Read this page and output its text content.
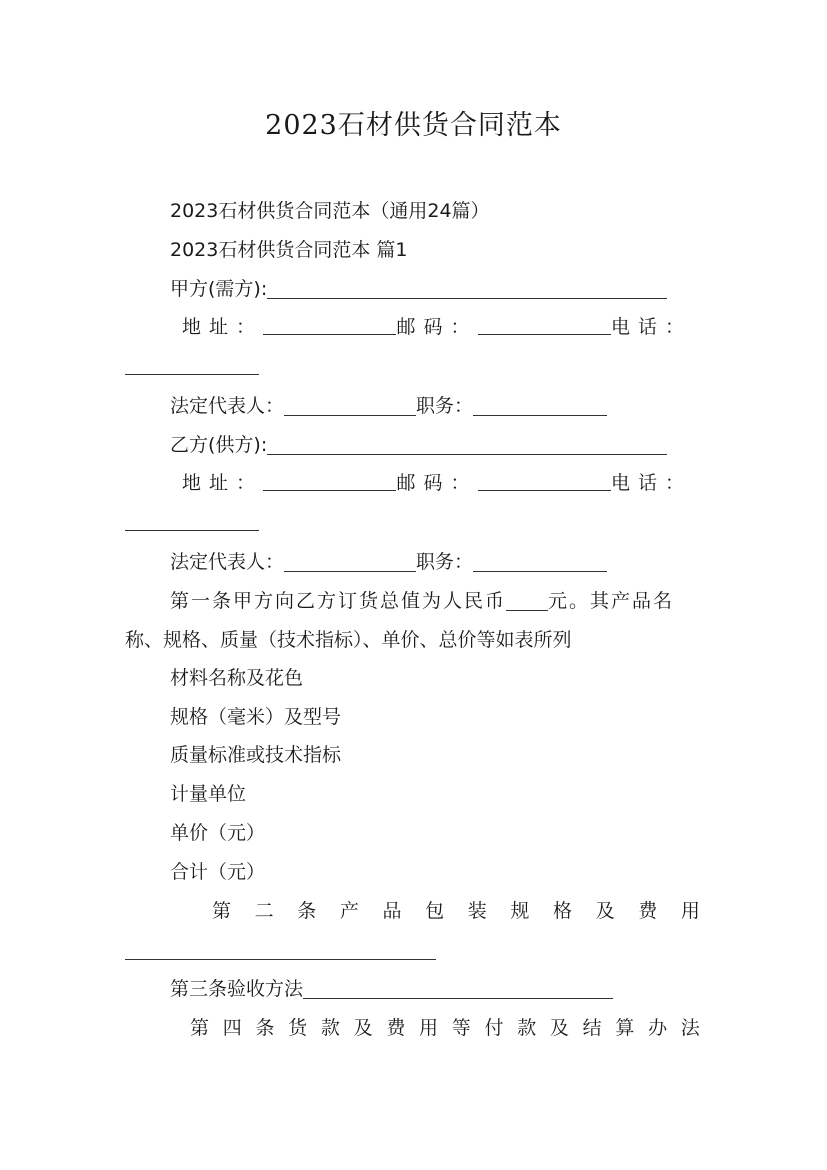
2023石材供货合同范本
2023石材供货合同范本（通用24篇）
2023石材供货合同范本 篇1
甲方(需方):
地址：	邮码：	电话：
法定代表人：	职务：
乙方(供方):
地址：	邮码：	电话：
法定代表人：	职务：
第一条甲方向乙方订货总值为人民币 元。其产品名
称、规格、质量（技术指标）、单价、总价等如表所列
材料名称及花色
规格（毫米）及型号
质量标准或技术指标
计量单位
单价（元）
合计（元）
第 二 条 产 品 包 装 规 格 及 费 用
第三条验收方法
第 四 条 货 款 及 费 用 等 付 款 及 结 算 办 法
